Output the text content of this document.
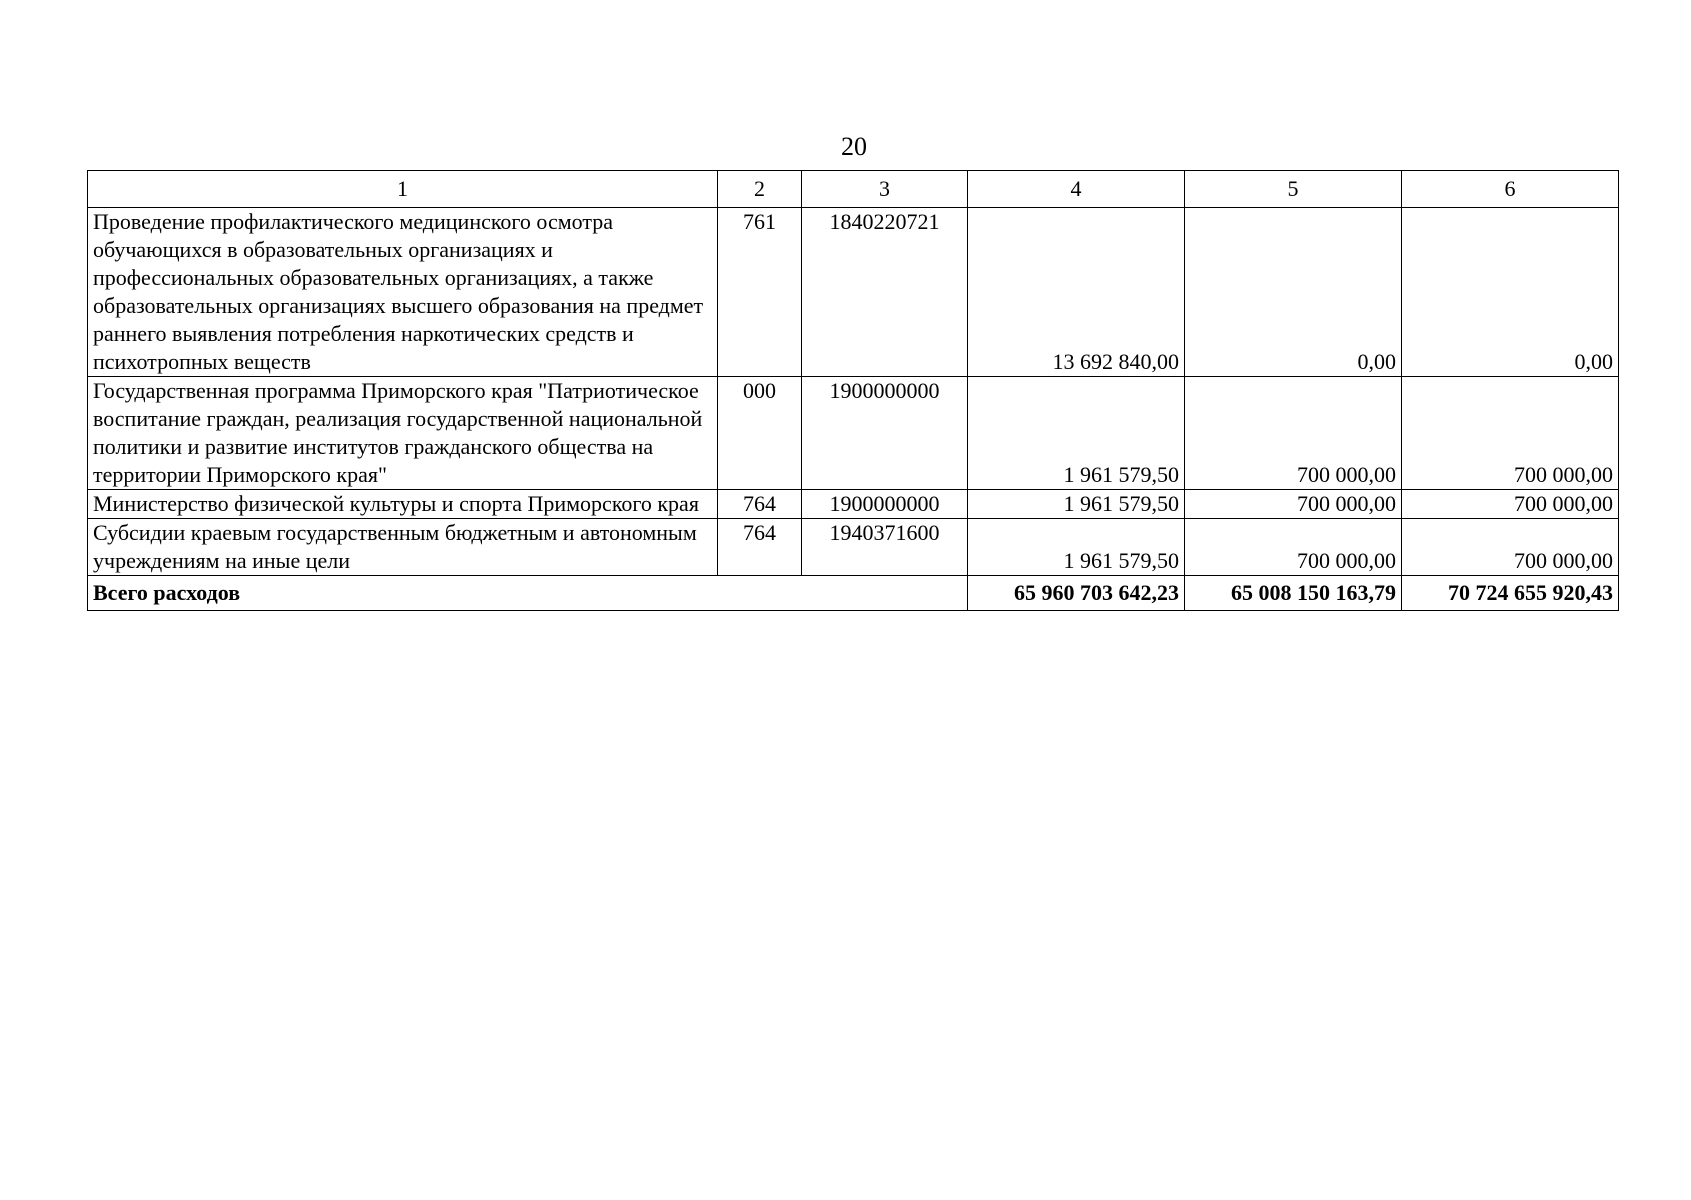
20
1	2	3	4	5	6
Проведение профилактического медицинского осмотра обучающихся в образовательных организациях и профессиональных образовательных организациях, а также образовательных организациях высшего образования на предмет раннего выявления потребления наркотических средств и психотропных веществ	761	1840220721	13 692 840,00	0,00	0,00
Государственная программа Приморского края "Патриотическое воспитание граждан, реализация государственной национальной политики и развитие институтов гражданского общества на территории Приморского края"	000	1900000000	1 961 579,50	700 000,00	700 000,00
Министерство физической культуры и спорта Приморского края	764	1900000000	1 961 579,50	700 000,00	700 000,00
Субсидии краевым государственным бюджетным и автономным учреждениям на иные цели	764	1940371600	1 961 579,50	700 000,00	700 000,00
Всего расходов			65 960 703 642,23	65 008 150 163,79	70 724 655 920,43
